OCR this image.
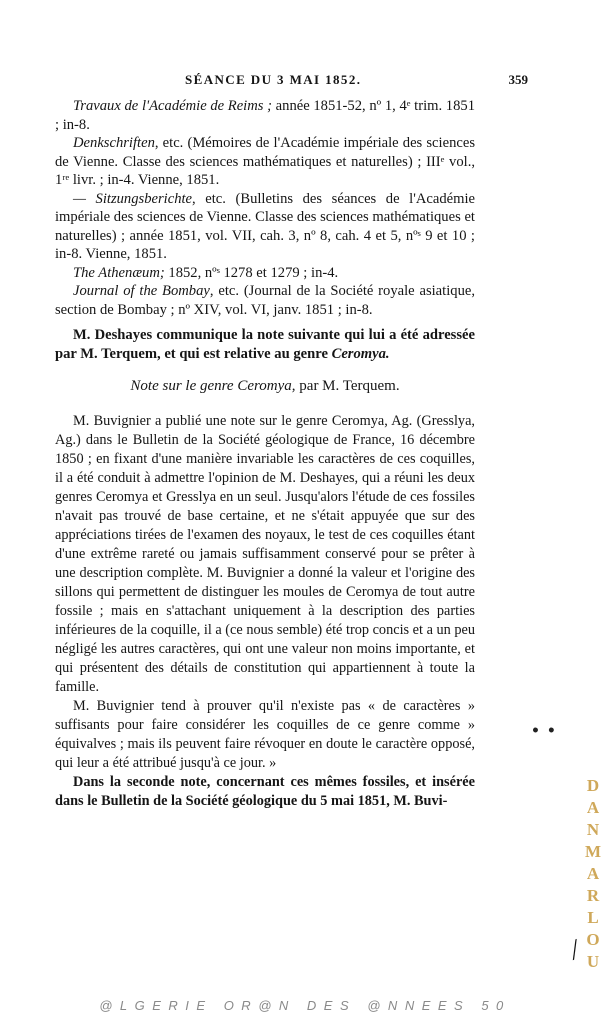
SÉANCE DU 3 MAI 1852.	359

Travaux de l'Académie de Reims ; année 1851-52, nº 1, 4ᵉ trim. 1851 ; in-8.

Denkschriften, etc. (Mémoires de l'Académie impériale des sciences de Vienne. Classe des sciences mathématiques et naturelles) ; IIIᵉ vol., 1ʳᵉ livr. ; in-4. Vienne, 1851.

— Sitzungsberichte, etc. (Bulletins des séances de l'Académie impériale des sciences de Vienne. Classe des sciences mathématiques et naturelles) ; année 1851, vol. VII, cah. 3, nº 8, cah. 4 et 5, nºˢ 9 et 10 ; in-8. Vienne, 1851.

The Athenæum; 1852, nºˢ 1278 et 1279 ; in-4.

Journal of the Bombay, etc. (Journal de la Société royale asiatique, section de Bombay ; nº XIV, vol. VI, janv. 1851 ; in-8.

M. Deshayes communique la note suivante qui lui a été adressée par M. Terquem, et qui est relative au genre Ceromya.

Note sur le genre Ceromya, par M. Terquem.

M. Buvignier a publié une note sur le genre Ceromya, Ag. (Gresslya, Ag.) dans le Bulletin de la Société géologique de France, 16 décembre 1850 ; en fixant d'une manière invariable les caractères de ces coquilles, il a été conduit à admettre l'opinion de M. Deshayes, qui a réuni les deux genres Ceromya et Gresslya en un seul. Jusqu'alors l'étude de ces fossiles n'avait pas trouvé de base certaine, et ne s'était appuyée que sur des appréciations tirées de l'examen des noyaux, le test de ces coquilles étant d'une extrême rareté ou jamais suffisamment conservé pour se prêter à une description complète. M. Buvignier a donné la valeur et l'origine des sillons qui permettent de distinguer les moules de Ceromya de tout autre fossile ; mais en s'attachant uniquement à la description des parties inférieures de la coquille, il a (ce nous semble) été trop concis et a un peu négligé les autres caractères, qui ont une valeur non moins importante, et qui présentent des détails de constitution qui appartiennent à toute la famille.

M. Buvignier tend à prouver qu'il n'existe pas « de caractères » suffisants pour faire considérer les coquilles de ce genre comme » équivalves ; mais ils peuvent faire révoquer en doute le caractère opposé, qui leur a été attribué jusqu'à ce jour. »

Dans la seconde note, concernant ces mêmes fossiles, et insérée dans le Bulletin de la Société géologique du 5 mai 1851, M. Buvi-

• •
╱
DANMARLOU
@LGERIE OR@N DES @NNEES 50
